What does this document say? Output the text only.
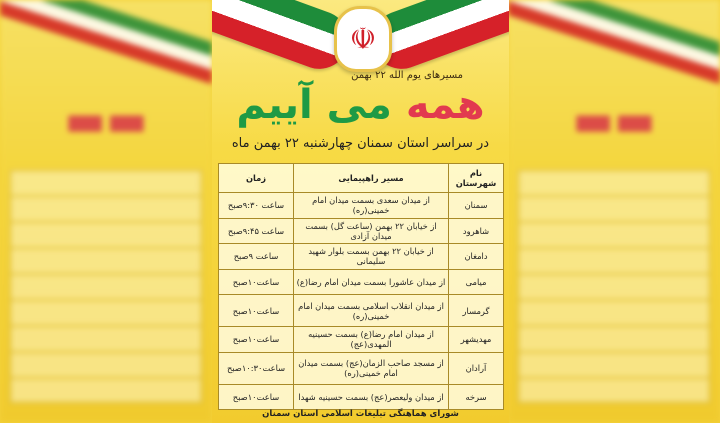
▬▬	▬▬
☫
مسیرهای یوم الله ۲۲ بهمن
همه می آییم
در سراسر استان سمنان چهارشنبه ۲۲ بهمن ماه
نام شهرستان	مسیر راهپیمایی	زمان
سمنان	از میدان سعدی بسمت میدان امام خمینی(ره)	ساعت ۹:۳۰صبح
شاهرود	از خیابان ۲۲ بهمن (ساعت گل) بسمت میدان آزادی	ساعت ۹:۴۵صبح
دامغان	از خیابان ۲۲ بهمن بسمت بلوار شهید سلیمانی	ساعت ۹صبح
میامی	از میدان عاشورا بسمت میدان امام رضا(ع)	ساعت۱۰صبح
گرمسار	از میدان انقلاب اسلامی بسمت میدان امام خمینی(ره)	ساعت۱۰صبح
مهدیشهر	از میدان امام رضا(ع) بسمت حسینیه المهدی(عج)	ساعت۱۰صبح
آرادان	از مسجد صاحب الزمان(عج) بسمت میدان امام خمینی(ره)	ساعت۱۰:۳۰صبح
سرخه	از میدان ولیعصر(عج) بسمت حسینیه شهدا	ساعت۱۰صبح
شورای هماهنگی تبلیغات اسلامی استان سمنان
